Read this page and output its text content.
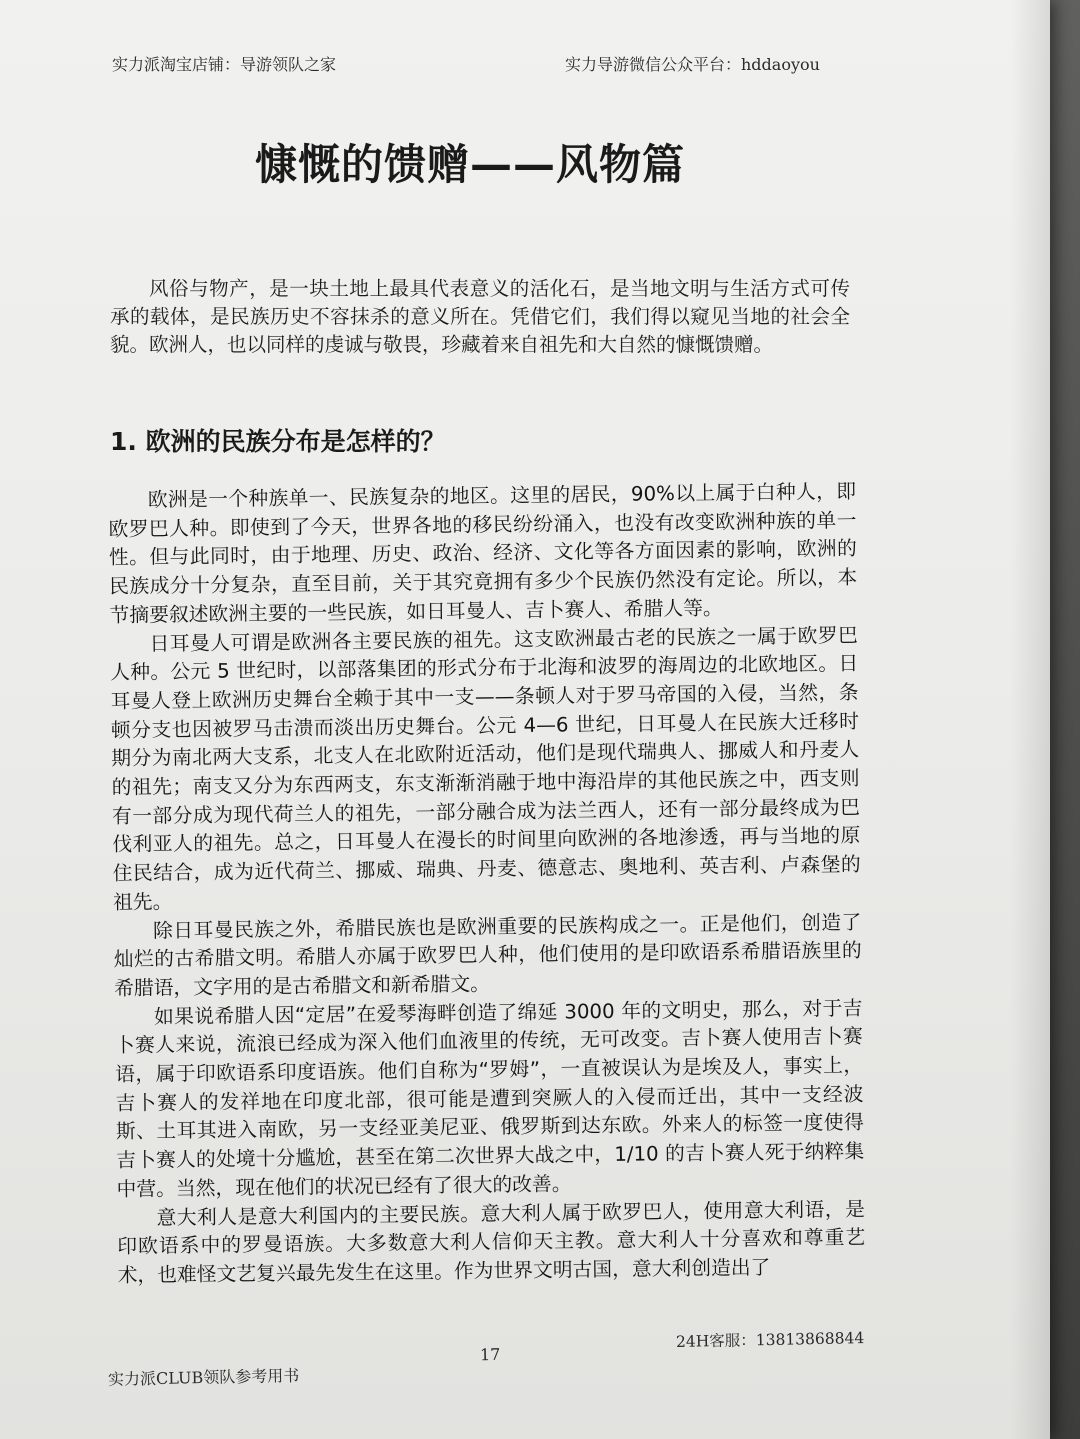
实力派淘宝店铺：导游领队之家	实力导游微信公众平台：hddaoyou
慷慨的馈赠——风物篇

风俗与物产，是一块土地上最具代表意义的活化石，是当地文明与生活方式可传承的载体，是民族历史不容抹杀的意义所在。凭借它们，我们得以窥见当地的社会全貌。欧洲人，也以同样的虔诚与敬畏，珍藏着来自祖先和大自然的慷慨馈赠。

1. 欧洲的民族分布是怎样的？

欧洲是一个种族单一、民族复杂的地区。这里的居民，90%以上属于白种人，即欧罗巴人种。即使到了今天，世界各地的移民纷纷涌入，也没有改变欧洲种族的单一性。但与此同时，由于地理、历史、政治、经济、文化等各方面因素的影响，欧洲的民族成分十分复杂，直至目前，关于其究竟拥有多少个民族仍然没有定论。所以，本节摘要叙述欧洲主要的一些民族，如日耳曼人、吉卜赛人、希腊人等。

日耳曼人可谓是欧洲各主要民族的祖先。这支欧洲最古老的民族之一属于欧罗巴人种。公元 5 世纪时，以部落集团的形式分布于北海和波罗的海周边的北欧地区。日耳曼人登上欧洲历史舞台全赖于其中一支——条顿人对于罗马帝国的入侵，当然，条顿分支也因被罗马击溃而淡出历史舞台。公元 4—6 世纪，日耳曼人在民族大迁移时期分为南北两大支系，北支人在北欧附近活动，他们是现代瑞典人、挪威人和丹麦人的祖先；南支又分为东西两支，东支渐渐消融于地中海沿岸的其他民族之中，西支则有一部分成为现代荷兰人的祖先，一部分融合成为法兰西人，还有一部分最终成为巴伐利亚人的祖先。总之，日耳曼人在漫长的时间里向欧洲的各地渗透，再与当地的原住民结合，成为近代荷兰、挪威、瑞典、丹麦、德意志、奥地利、英吉利、卢森堡的祖先。

除日耳曼民族之外，希腊民族也是欧洲重要的民族构成之一。正是他们，创造了灿烂的古希腊文明。希腊人亦属于欧罗巴人种，他们使用的是印欧语系希腊语族里的希腊语，文字用的是古希腊文和新希腊文。

如果说希腊人因“定居”在爱琴海畔创造了绵延 3000 年的文明史，那么，对于吉卜赛人来说，流浪已经成为深入他们血液里的传统，无可改变。吉卜赛人使用吉卜赛语，属于印欧语系印度语族。他们自称为“罗姆”，一直被误认为是埃及人，事实上，吉卜赛人的发祥地在印度北部，很可能是遭到突厥人的入侵而迁出，其中一支经波斯、土耳其进入南欧，另一支经亚美尼亚、俄罗斯到达东欧。外来人的标签一度使得吉卜赛人的处境十分尴尬，甚至在第二次世界大战之中，1/10 的吉卜赛人死于纳粹集中营。当然，现在他们的状况已经有了很大的改善。

意大利人是意大利国内的主要民族。意大利人属于欧罗巴人，使用意大利语，是印欧语系中的罗曼语族。大多数意大利人信仰天主教。意大利人十分喜欢和尊重艺术，也难怪文艺复兴最先发生在这里。作为世界文明古国，意大利创造出了

实力派CLUB领队参考用书
17
24H客服：13813868844
